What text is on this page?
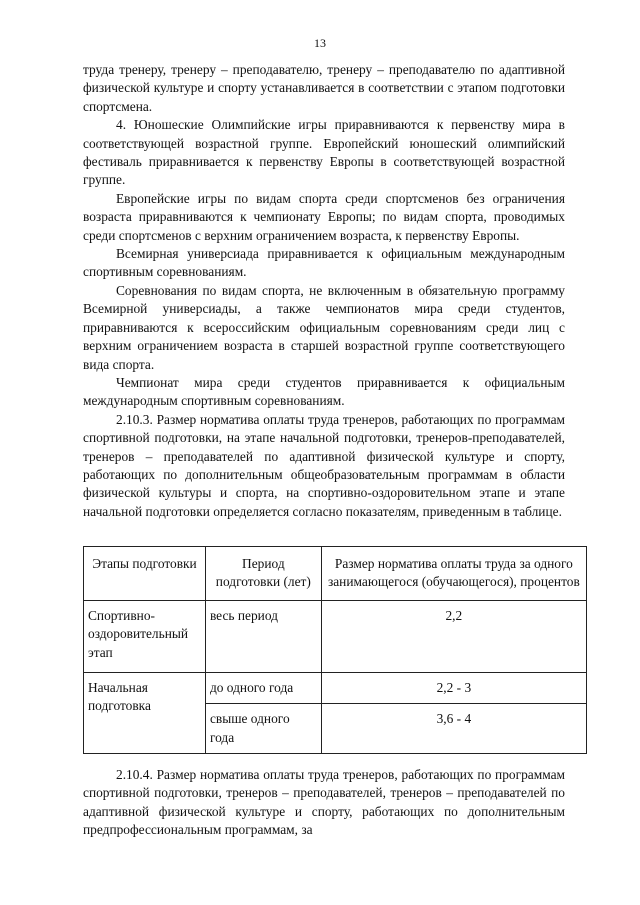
13

труда тренеру, тренеру – преподавателю, тренеру – преподавателю по адаптивной физической культуре и спорту устанавливается в соответствии с этапом подготовки спортсмена.

4. Юношеские Олимпийские игры приравниваются к первенству мира в соответствующей возрастной группе. Европейский юношеский олимпийский фестиваль приравнивается к первенству Европы в соответствующей возрастной группе.

Европейские игры по видам спорта среди спортсменов без ограничения возраста приравниваются к чемпионату Европы; по видам спорта, проводимых среди спортсменов с верхним ограничением возраста, к первенству Европы.

Всемирная универсиада приравнивается к официальным международным спортивным соревнованиям.

Соревнования по видам спорта, не включенным в обязательную программу Всемирной универсиады, а также чемпионатов мира среди студентов, приравниваются к всероссийским официальным соревнованиям среди лиц с верхним ограничением возраста в старшей возрастной группе соответствующего вида спорта.

Чемпионат мира среди студентов приравнивается к официальным международным спортивным соревнованиям.

2.10.3. Размер норматива оплаты труда тренеров, работающих по программам спортивной подготовки, на этапе начальной подготовки, тренеров-преподавателей, тренеров – преподавателей по адаптивной физической культуре и спорту, работающих по дополнительным общеобразовательным программам в области физической культуры и спорта, на спортивно-оздоровительном этапе и этапе начальной подготовки определяется согласно показателям, приведенным в таблице.

Этапы подготовки	Период подготовки (лет)	Размер норматива оплаты труда за одного занимающегося (обучающегося), процентов
Спортивно-оздоровительный этап	весь период	2,2
Начальная подготовка	до одного года	2,2 - 3
	свыше одного года	3,6 - 4

2.10.4. Размер норматива оплаты труда тренеров, работающих по программам спортивной подготовки, тренеров – преподавателей, тренеров – преподавателей по адаптивной физической культуре и спорту, работающих по дополнительным предпрофессиональным программам, за
